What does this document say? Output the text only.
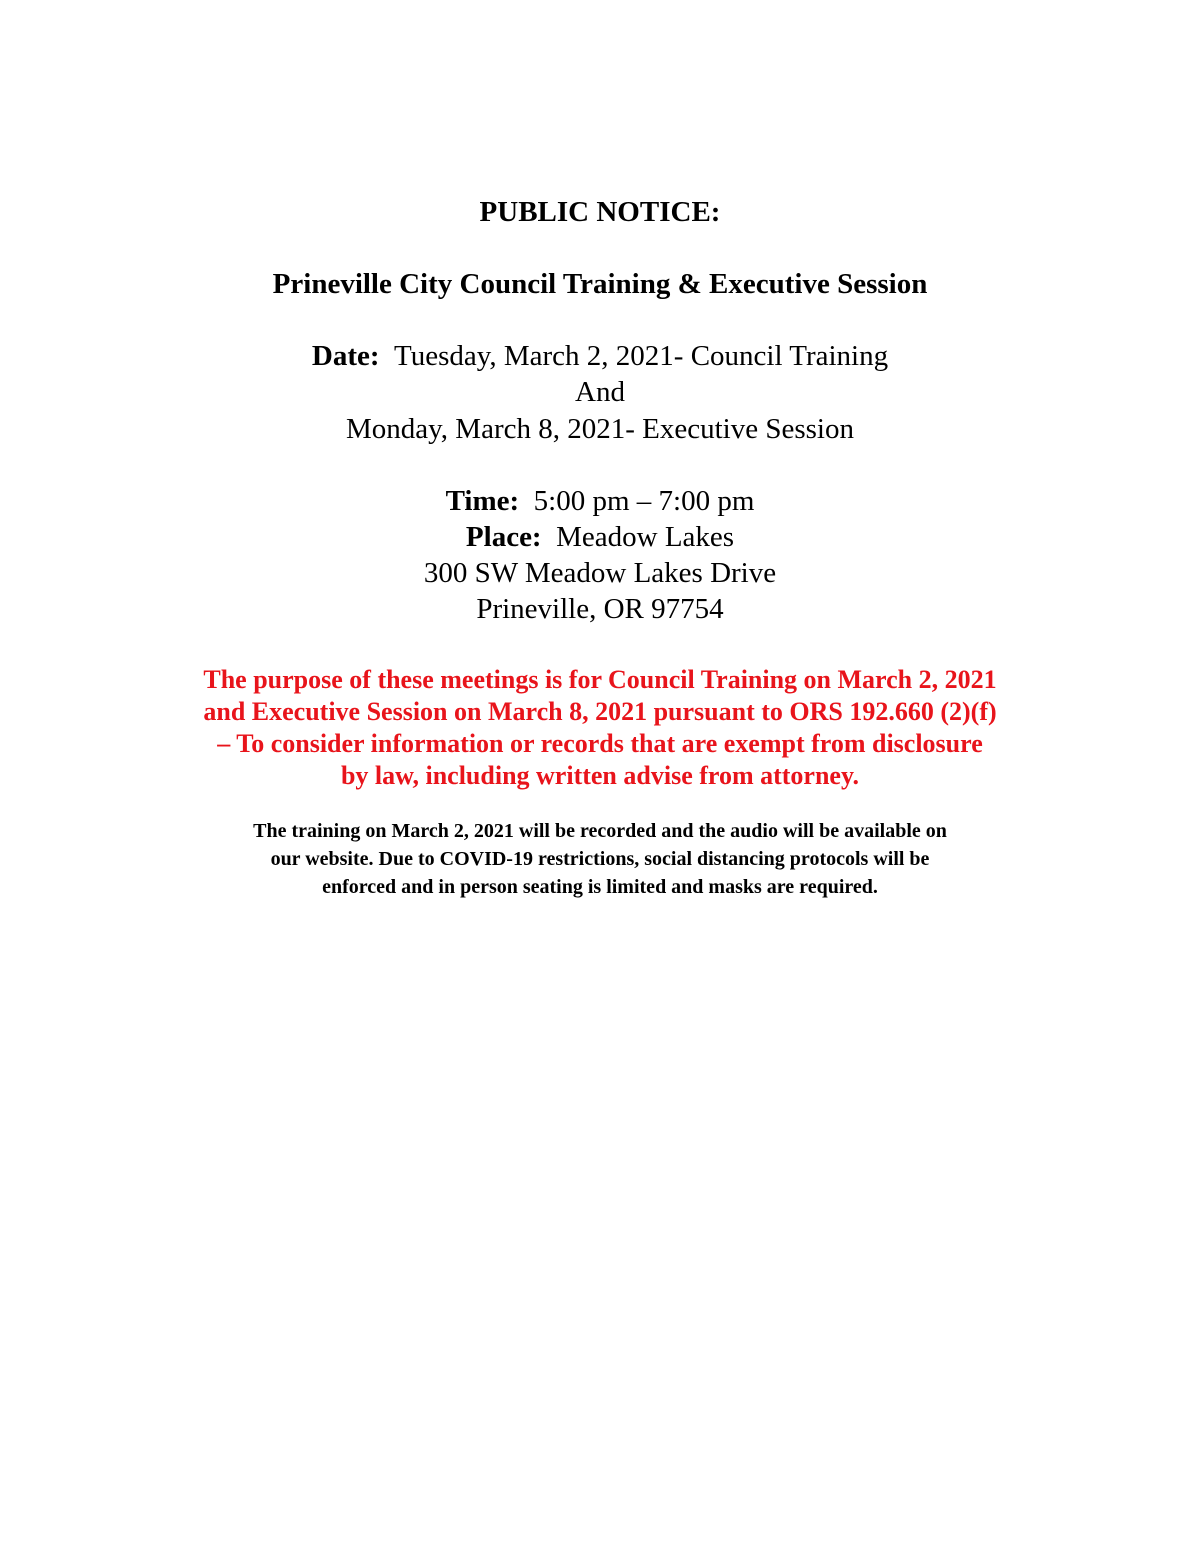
PUBLIC NOTICE:
Prineville City Council Training & Executive Session
Date: Tuesday, March 2, 2021- Council Training
And
Monday, March 8, 2021- Executive Session
Time: 5:00 pm – 7:00 pm
Place: Meadow Lakes
300 SW Meadow Lakes Drive
Prineville, OR 97754
The purpose of these meetings is for Council Training on March 2, 2021
and Executive Session on March 8, 2021 pursuant to ORS 192.660 (2)(f)
– To consider information or records that are exempt from disclosure
by law, including written advise from attorney.
The training on March 2, 2021 will be recorded and the audio will be available on
our website. Due to COVID-19 restrictions, social distancing protocols will be
enforced and in person seating is limited and masks are required.
